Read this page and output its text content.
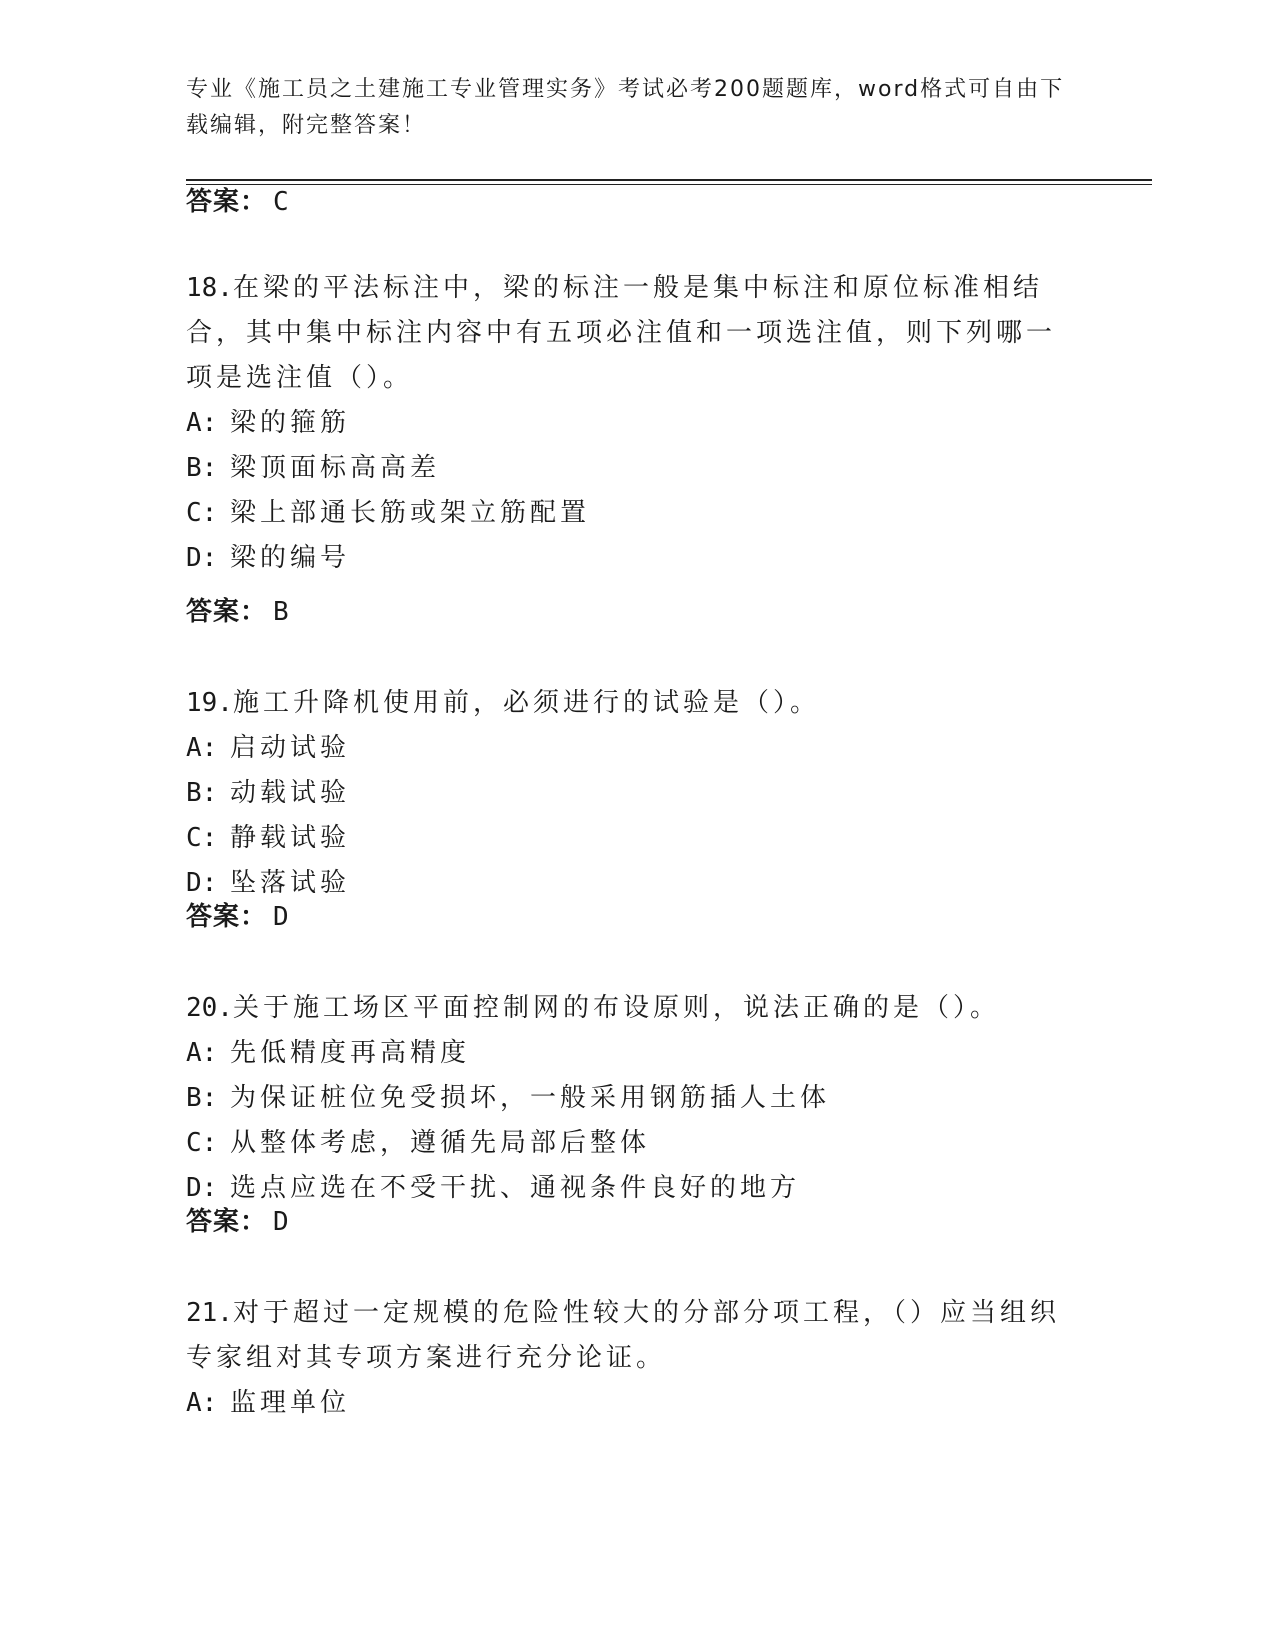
专业《施工员之土建施工专业管理实务》考试必考200题题库，word格式可自由下载编辑，附完整答案！
答案： C

18.在梁的平法标注中，梁的标注一般是集中标注和原位标准相结合，其中集中标注内容中有五项必注值和一项选注值，则下列哪一项是选注值（）。

A: 梁的箍筋

B: 梁顶面标高高差

C: 梁上部通长筋或架立筋配置

D: 梁的编号

答案： B

19.施工升降机使用前，必须进行的试验是（）。

A: 启动试验

B: 动载试验

C: 静载试验

D: 坠落试验

答案： D

20.关于施工场区平面控制网的布设原则，说法正确的是（）。

A: 先低精度再高精度

B: 为保证桩位免受损坏，一般采用钢筋插人土体

C: 从整体考虑，遵循先局部后整体

D: 选点应选在不受干扰、通视条件良好的地方

答案： D

21.对于超过一定规模的危险性较大的分部分项工程，（）应当组织专家组对其专项方案进行充分论证。

A: 监理单位
